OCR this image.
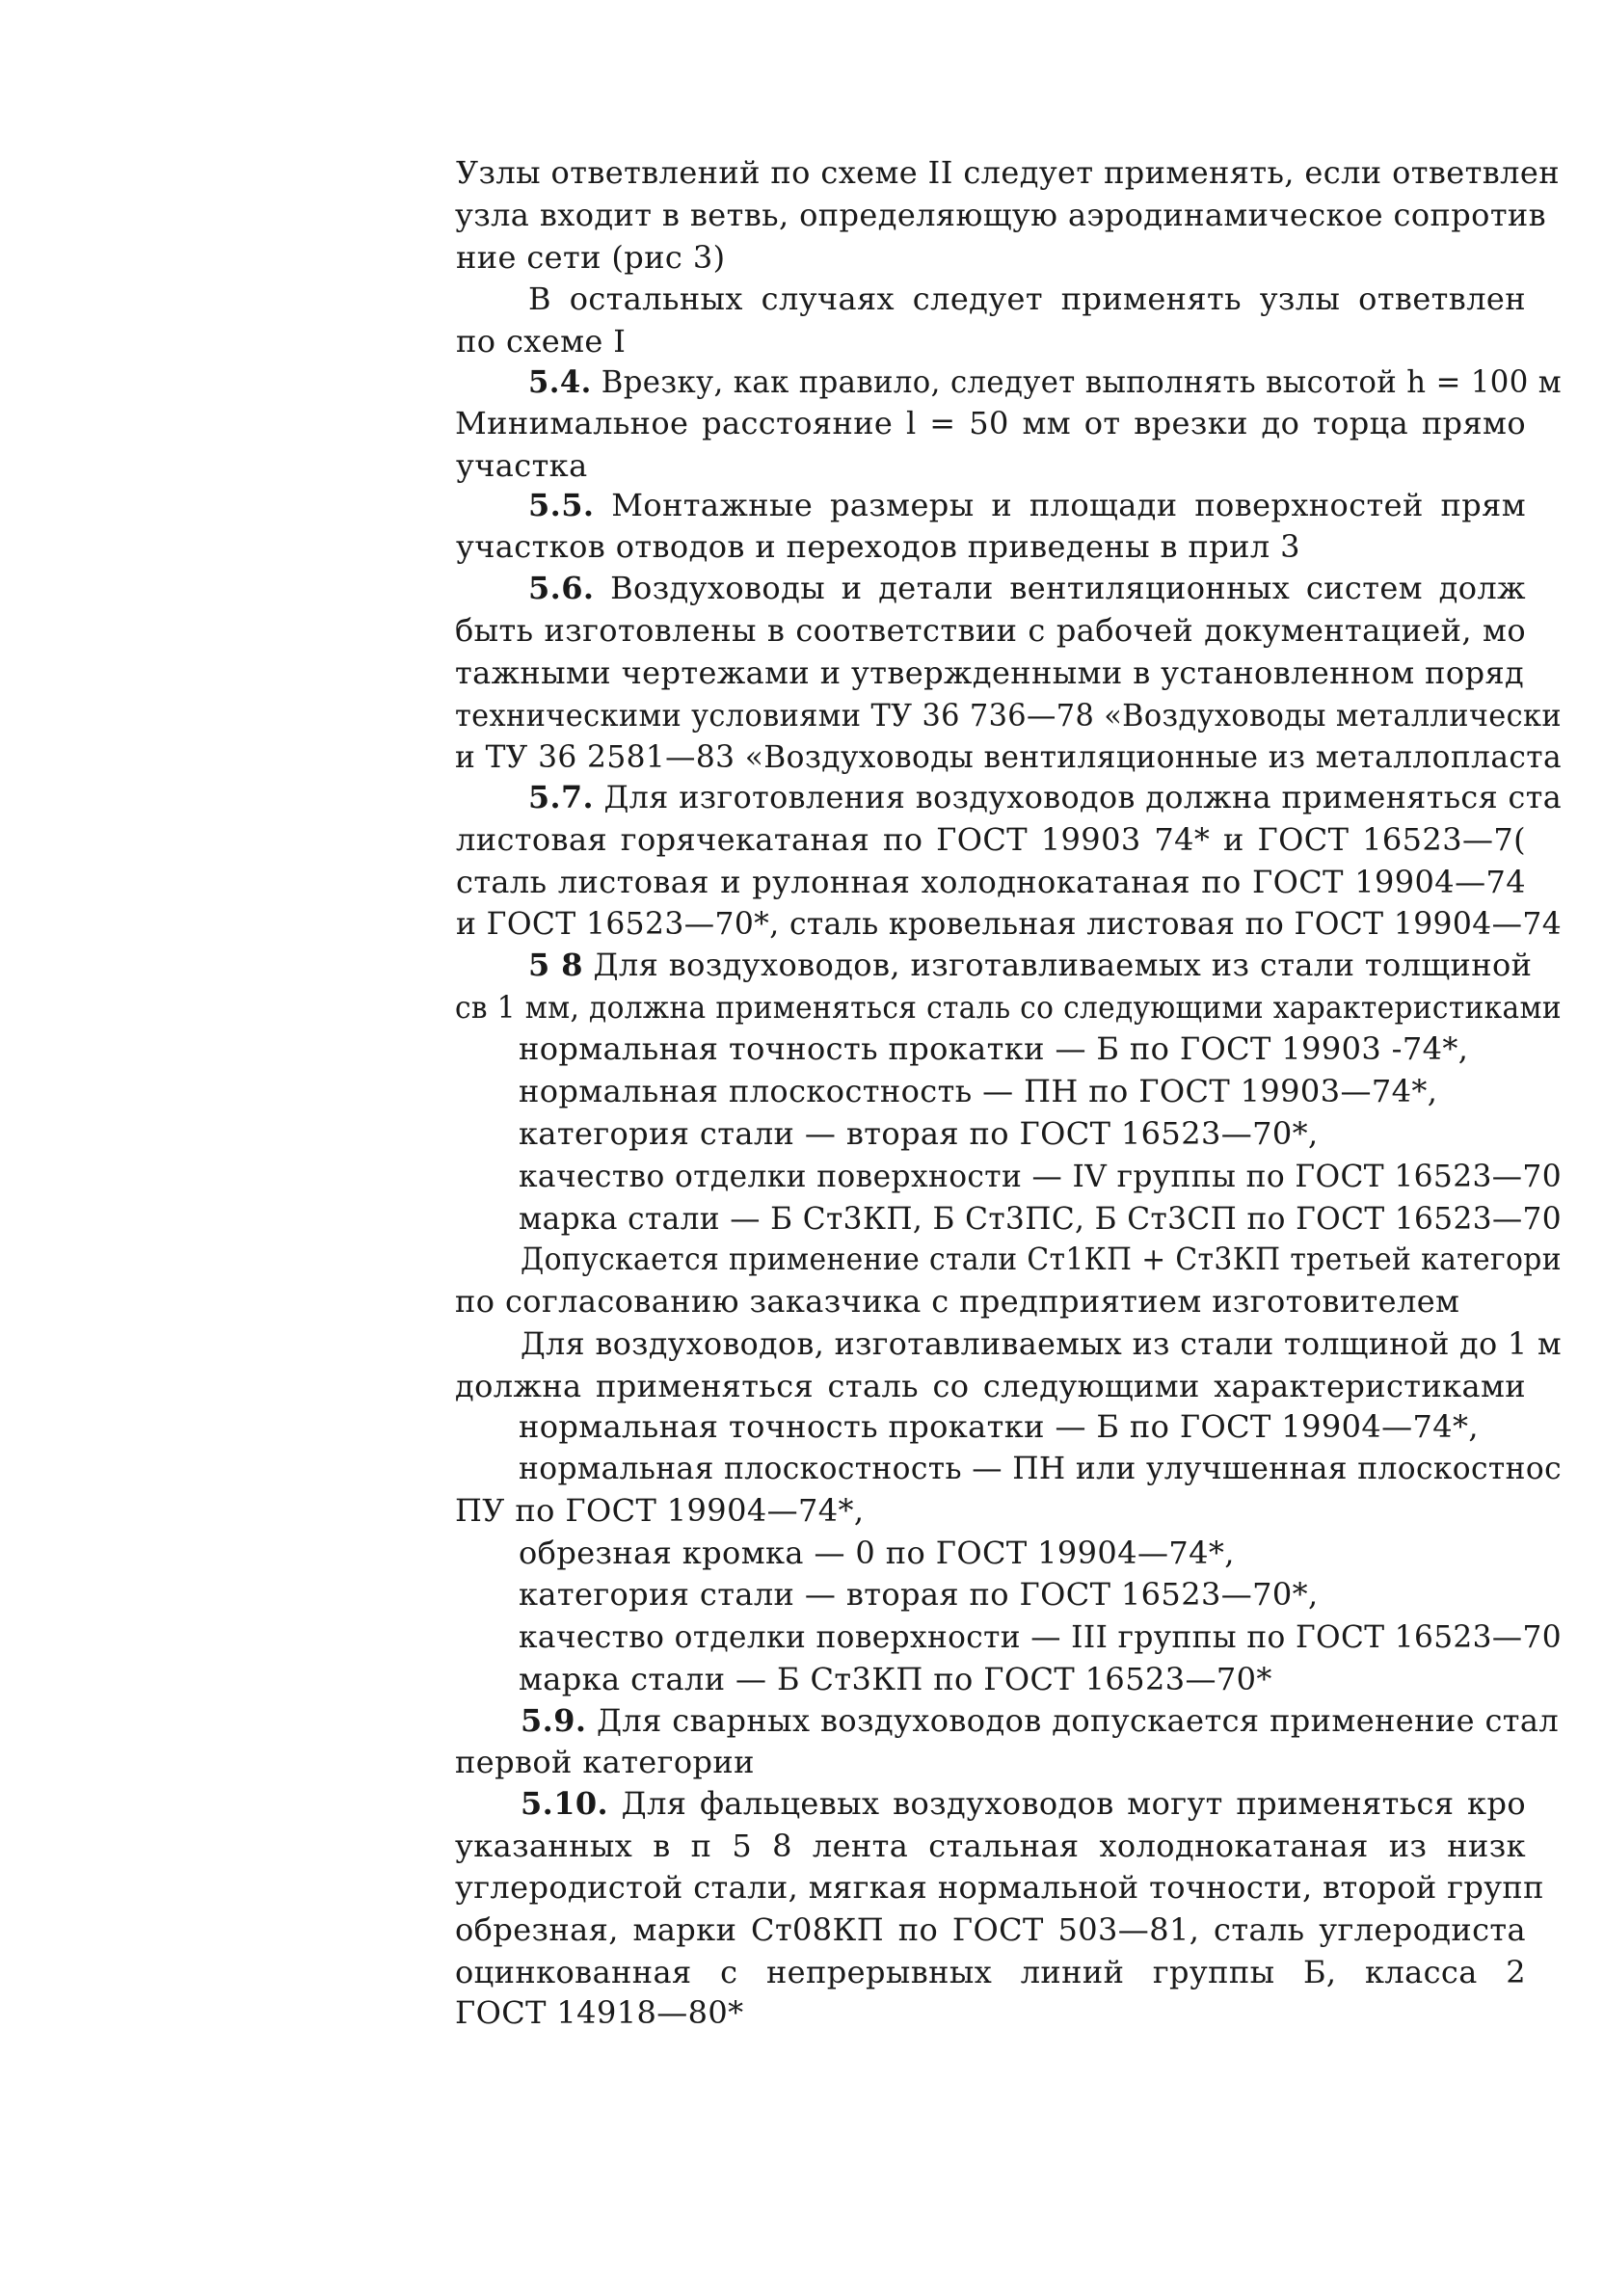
Узлы ответвлений по схеме II следует применять, если ответвлен
узла входит в ветвь, определяющую аэродинамическое сопротив
ние сети (рис 3)
В остальных случаях следует применять узлы ответвлен
по схеме I
5.4. Врезку, как правило, следует выполнять высотой h = 100 м
Минимальное расстояние l = 50 мм от врезки до торца прямо
участка
5.5. Монтажные размеры и площади поверхностей прям
участков отводов и переходов приведены в прил 3
5.6. Воздуховоды и детали вентиляционных систем долж
быть изготовлены в соответствии с рабочей документацией, мо
тажными чертежами и утвержденными в установленном поряд
техническими условиями ТУ 36 736—78 «Воздуховоды металлически
и ТУ 36 2581—83 «Воздуховоды вентиляционные из металлопласта
5.7. Для изготовления воздуховодов должна применяться ста
листовая горячекатаная по ГОСТ 19903 74* и ГОСТ 16523—7(
сталь листовая и рулонная холоднокатаная по ГОСТ 19904—74
и ГОСТ 16523—70*, сталь кровельная листовая по ГОСТ 19904—74
5 8 Для воздуховодов, изготавливаемых из стали толщиной
св 1 мм, должна применяться сталь со следующими характеристиками
нормальная точность прокатки — Б по ГОСТ 19903 -74*,
нормальная плоскостность — ПН по ГОСТ 19903—74*,
категория стали — вторая по ГОСТ 16523—70*,
качество отделки поверхности — IV группы по ГОСТ 16523—70
марка стали — Б Ст3КП, Б Ст3ПС, Б Ст3СП по ГОСТ 16523—70
Допускается применение стали Ст1КП + Ст3КП третьей категори
по согласованию заказчика с предприятием изготовителем
Для воздуховодов, изготавливаемых из стали толщиной до 1 м
должна применяться сталь со следующими характеристиками
нормальная точность прокатки — Б по ГОСТ 19904—74*,
нормальная плоскостность — ПН или улучшенная плоскостнос
ПУ по ГОСТ 19904—74*,
обрезная кромка — 0 по ГОСТ 19904—74*,
категория стали — вторая по ГОСТ 16523—70*,
качество отделки поверхности — III группы по ГОСТ 16523—70
марка стали — Б Ст3КП по ГОСТ 16523—70*
5.9. Для сварных воздуховодов допускается применение стал
первой категории
5.10. Для фальцевых воздуховодов могут применяться кро
указанных в п 5 8 лента стальная холоднокатаная из низк
углеродистой стали, мягкая нормальной точности, второй групп
обрезная, марки Ст08КП по ГОСТ 503—81, сталь углеродиста
оцинкованная с непрерывных линий группы Б, класса 2
ГОСТ 14918—80*
